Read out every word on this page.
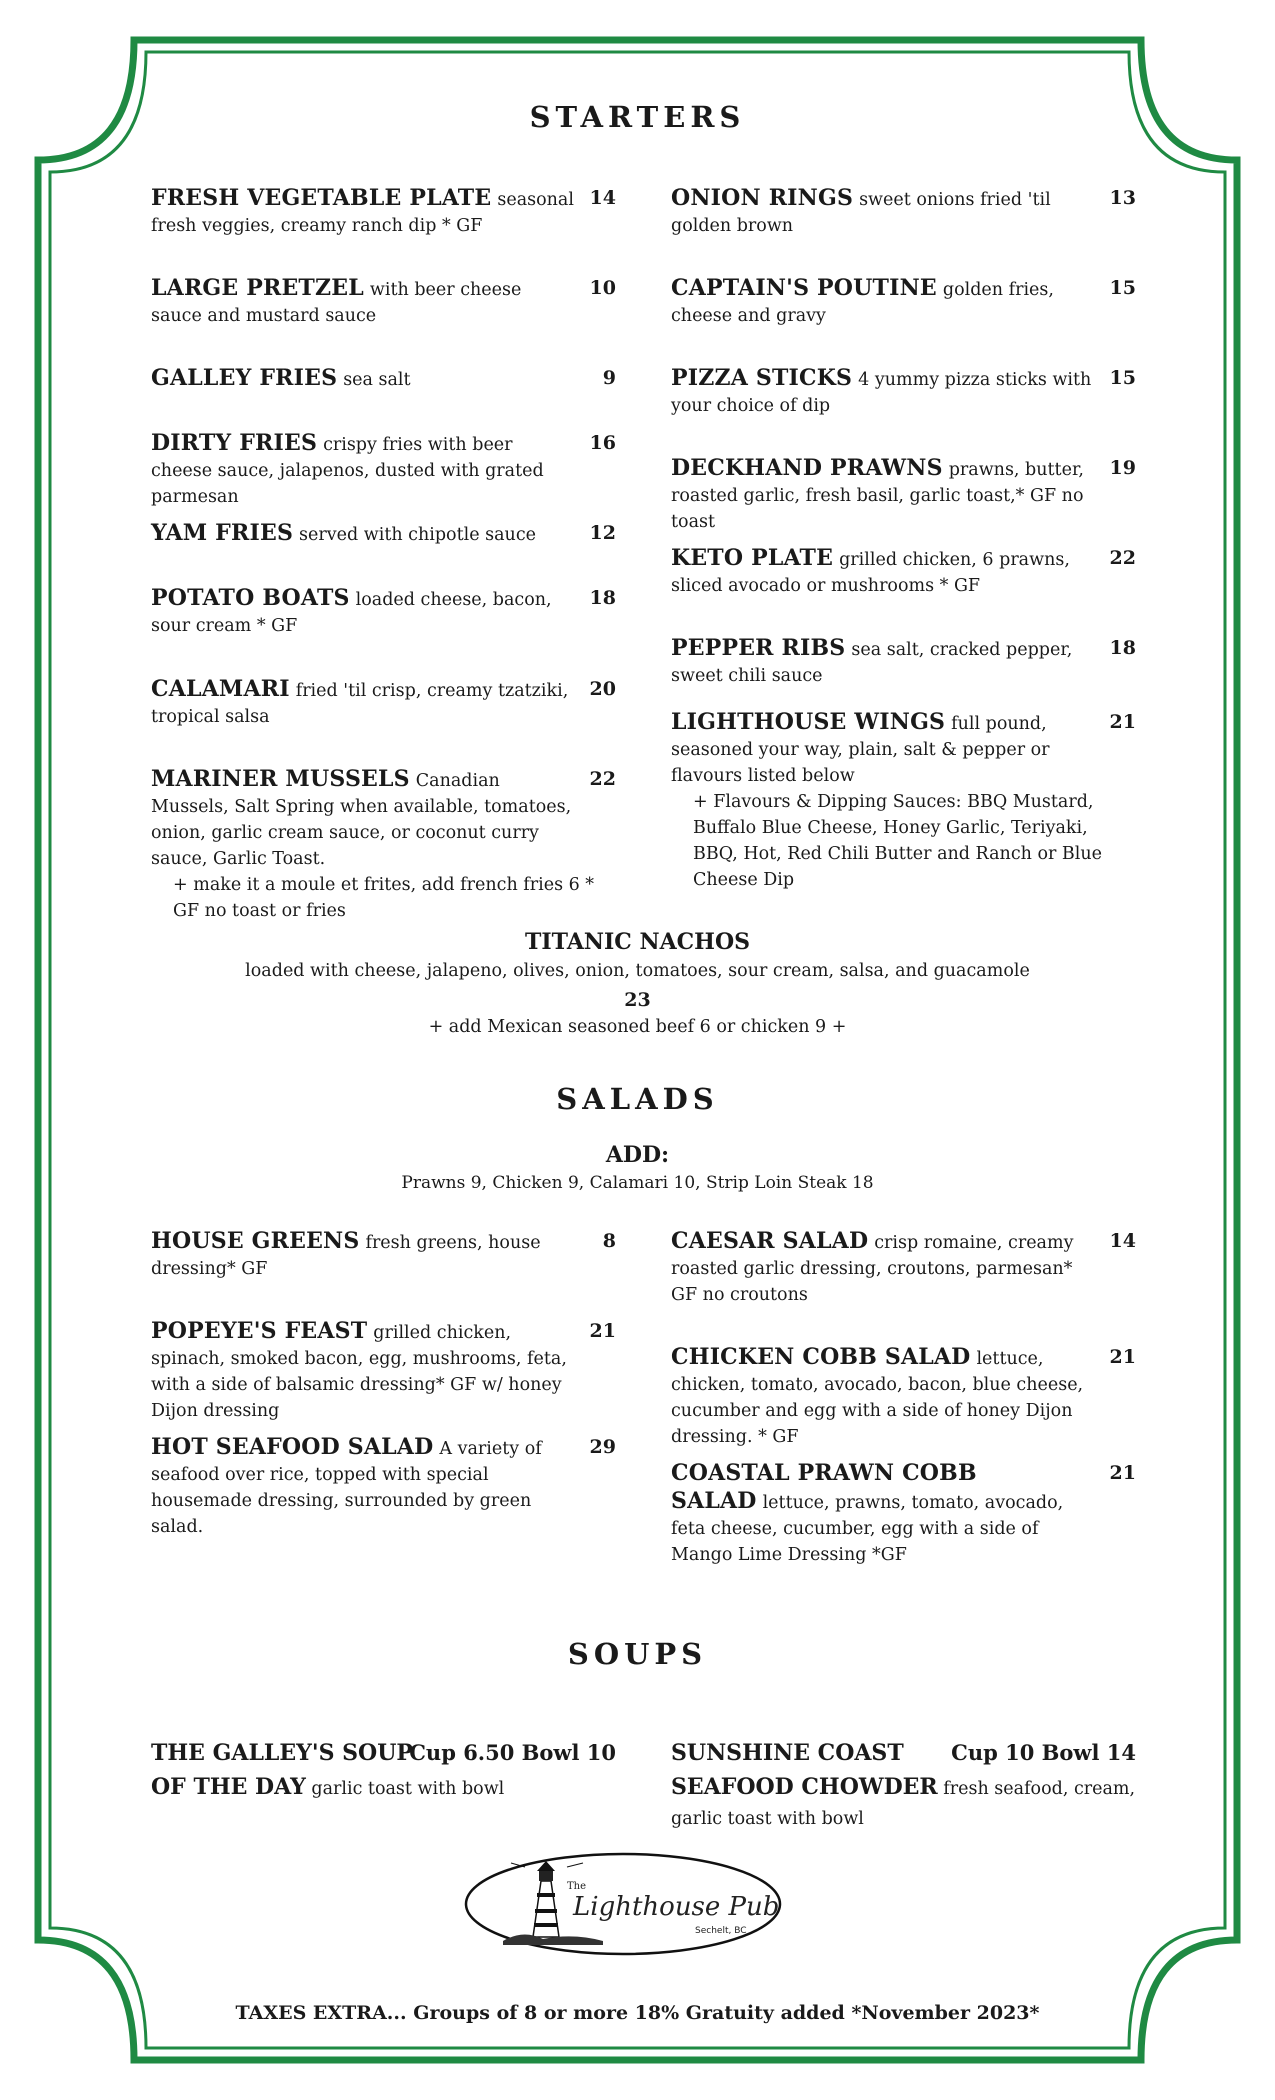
STARTERS
FRESH VEGETABLE PLATE seasonal fresh veggies, creamy ranch dip * GF
14
LARGE PRETZEL with beer cheese sauce and mustard sauce
10
GALLEY FRIES sea salt	9
DIRTY FRIES crispy fries with beer cheese sauce, jalapenos, dusted with grated parmesan
16
YAM FRIES served with chipotle sauce	12
POTATO BOATS loaded cheese, bacon, sour cream * GF
18
CALAMARI fried 'til crisp, creamy tzatziki, tropical salsa
20
MARINER MUSSELS Canadian Mussels, Salt Spring when available, tomatoes, onion, garlic cream sauce, or coconut curry sauce, Garlic Toast.
+ make it a moule et frites, add french fries 6 * GF no toast or fries
22
ONION RINGS sweet onions fried 'til golden brown
13
CAPTAIN'S POUTINE golden fries, cheese and gravy
15
PIZZA STICKS 4 yummy pizza sticks with your choice of dip
15
DECKHAND PRAWNS prawns, butter, roasted garlic, fresh basil, garlic toast,* GF no toast
19
KETO PLATE grilled chicken, 6 prawns, sliced avocado or mushrooms * GF
22
PEPPER RIBS sea salt, cracked pepper, sweet chili sauce
18
LIGHTHOUSE WINGS full pound, seasoned your way, plain, salt & pepper or flavours listed below
+ Flavours & Dipping Sauces: BBQ Mustard, Buffalo Blue Cheese, Honey Garlic, Teriyaki, BBQ, Hot, Red Chili Butter and Ranch or Blue Cheese Dip
21
TITANIC NACHOS
loaded with cheese, jalapeno, olives, onion, tomatoes, sour cream, salsa, and guacamole
23
+ add Mexican seasoned beef 6 or chicken 9 +
SALADS
ADD:
Prawns 9, Chicken 9, Calamari 10, Strip Loin Steak 18
HOUSE GREENS fresh greens, house dressing* GF
8
POPEYE'S FEAST grilled chicken, spinach, smoked bacon, egg, mushrooms, feta, with a side of balsamic dressing* GF w/ honey Dijon dressing
21
HOT SEAFOOD SALAD A variety of seafood over rice, topped with special housemade dressing, surrounded by green salad.
29
CAESAR SALAD crisp romaine, creamy roasted garlic dressing, croutons, parmesan* GF no croutons
14
CHICKEN COBB SALAD lettuce, chicken, tomato, avocado, bacon, blue cheese, cucumber and egg with a side of honey Dijon dressing. * GF
21
COASTAL PRAWN COBB SALAD lettuce, prawns, tomato, avocado, feta cheese, cucumber, egg with a side of Mango Lime Dressing *GF
21
SOUPS
THE GALLEY'S SOUP
OF THE DAY garlic toast with bowl
Cup 6.50 Bowl 10	SUNSHINE COAST
SEAFOOD CHOWDER fresh seafood, cream, garlic toast with bowl
Cup 10 Bowl 14
The
Lighthouse Pub
Sechelt, BC
TAXES EXTRA... Groups of 8 or more 18% Gratuity added *November 2023*
